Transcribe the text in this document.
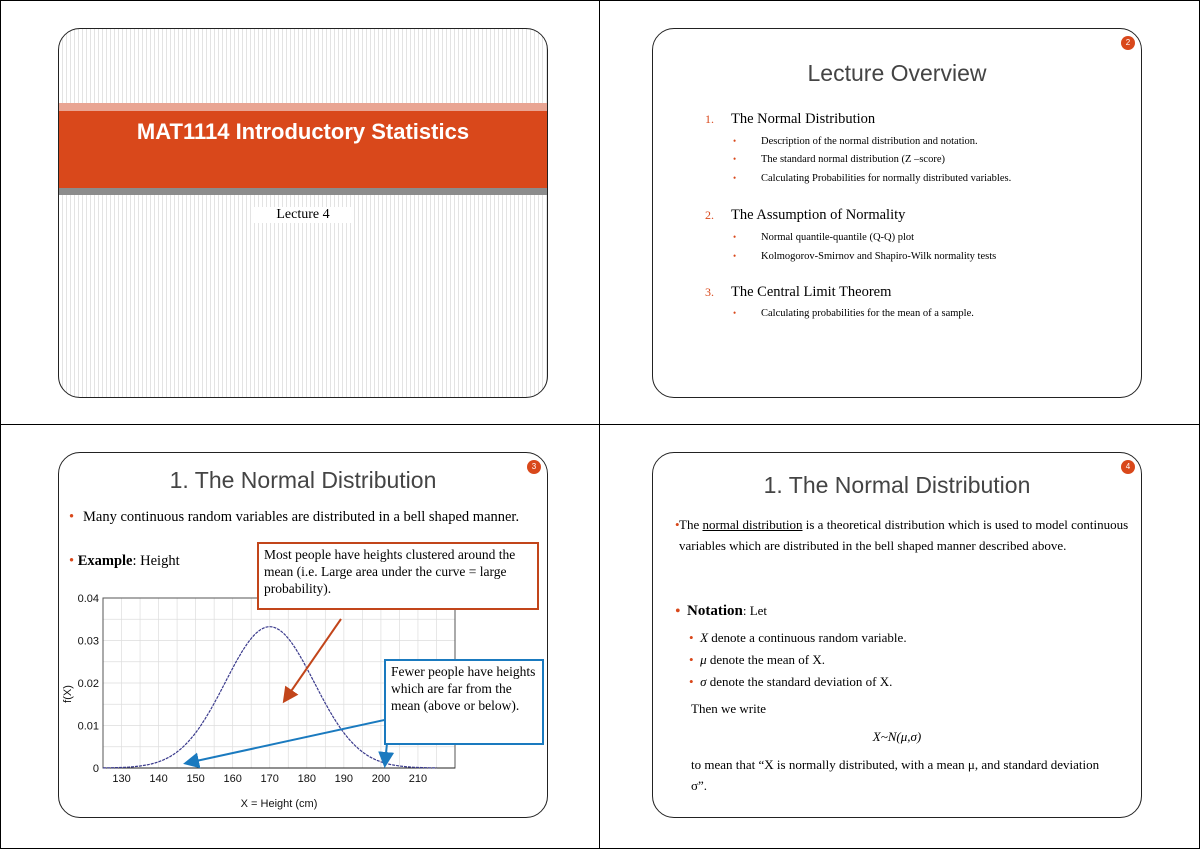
MAT1114 Introductory Statistics
Lecture 4
2
Lecture Overview
1. The Normal Distribution
• Description of the normal distribution and notation.
• The standard normal distribution (Z –score)
• Calculating Probabilities for normally distributed variables.
2. The Assumption of Normality
• Normal quantile-quantile (Q-Q) plot
• Kolmogorov-Smirnov and Shapiro-Wilk normality tests
3. The Central Limit Theorem
• Calculating probabilities for the mean of a sample.
3
1. The Normal Distribution
• Many continuous random variables are distributed in a bell shaped manner.
• Example: Height
130 140 150 160 170 180 190 200 210
0
0.01
0.02
0.03
0.04
f(X)
X = Height (cm)
Most people have heights clustered around the mean (i.e. Large area under the curve = large probability).
Fewer people have heights which are far from the mean (above or below).
4
1. The Normal Distribution
• The normal distribution is a theoretical distribution which is used to model continuous variables which are distributed in the bell shaped manner described above.
• Notation: Let
• X denote a continuous random variable.
• μ denote the mean of X.
• σ denote the standard deviation of X.
Then we write
X~N(μ,σ)
to mean that “X is normally distributed, with a mean μ, and standard deviation σ”.
